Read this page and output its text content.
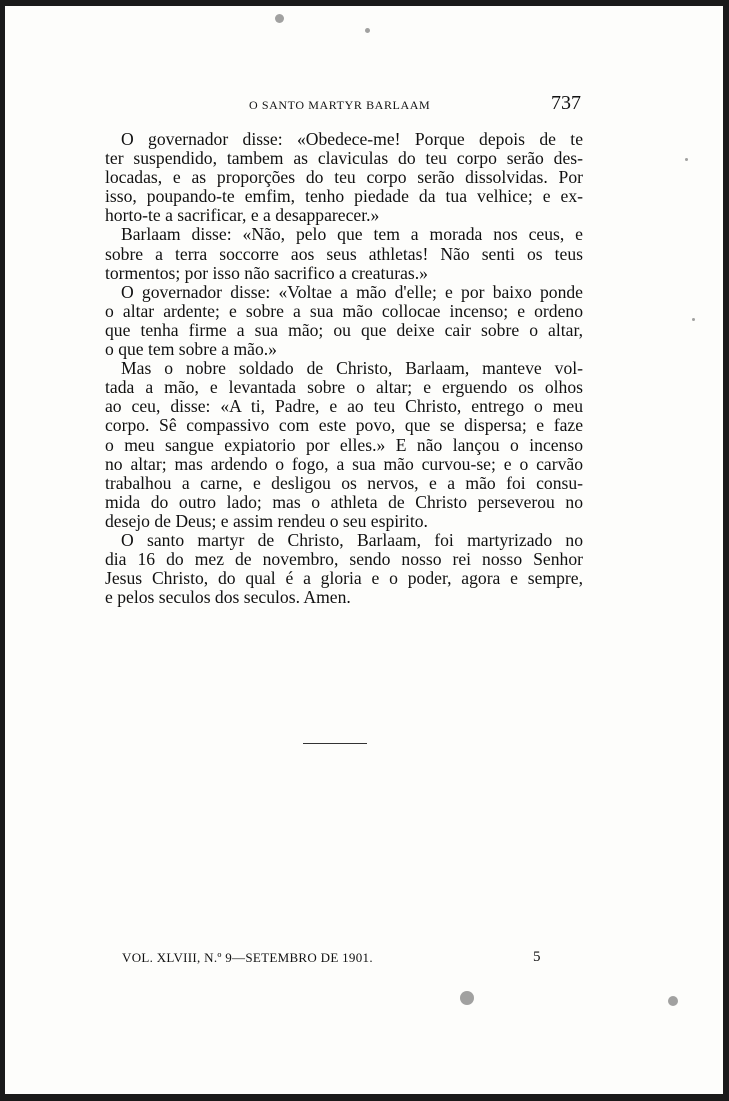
O SANTO MARTYR BARLAAM	737
O governador disse: «Obedece-me! Porque depois de te
ter suspendido, tambem as claviculas do teu corpo serão des-
locadas, e as proporções do teu corpo serão dissolvidas. Por
isso, poupando-te emfim, tenho piedade da tua velhice; e ex-
horto-te a sacrificar, e a desapparecer.»
Barlaam disse: «Não, pelo que tem a morada nos ceus, e
sobre a terra soccorre aos seus athletas! Não senti os teus
tormentos; por isso não sacrifico a creaturas.»
O governador disse: «Voltae a mão d'elle; e por baixo ponde
o altar ardente; e sobre a sua mão collocae incenso; e ordeno
que tenha firme a sua mão; ou que deixe cair sobre o altar,
o que tem sobre a mão.»
Mas o nobre soldado de Christo, Barlaam, manteve vol-
tada a mão, e levantada sobre o altar; e erguendo os olhos
ao ceu, disse: «A ti, Padre, e ao teu Christo, entrego o meu
corpo. Sê compassivo com este povo, que se dispersa; e faze
o meu sangue expiatorio por elles.» E não lançou o incenso
no altar; mas ardendo o fogo, a sua mão curvou-se; e o carvão
trabalhou a carne, e desligou os nervos, e a mão foi consu-
mida do outro lado; mas o athleta de Christo perseverou no
desejo de Deus; e assim rendeu o seu espirito.
O santo martyr de Christo, Barlaam, foi martyrizado no
dia 16 do mez de novembro, sendo nosso rei nosso Senhor
Jesus Christo, do qual é a gloria e o poder, agora e sempre,
e pelos seculos dos seculos. Amen.
VOL. XLVIII, N.º 9—SETEMBRO DE 1901.	5
